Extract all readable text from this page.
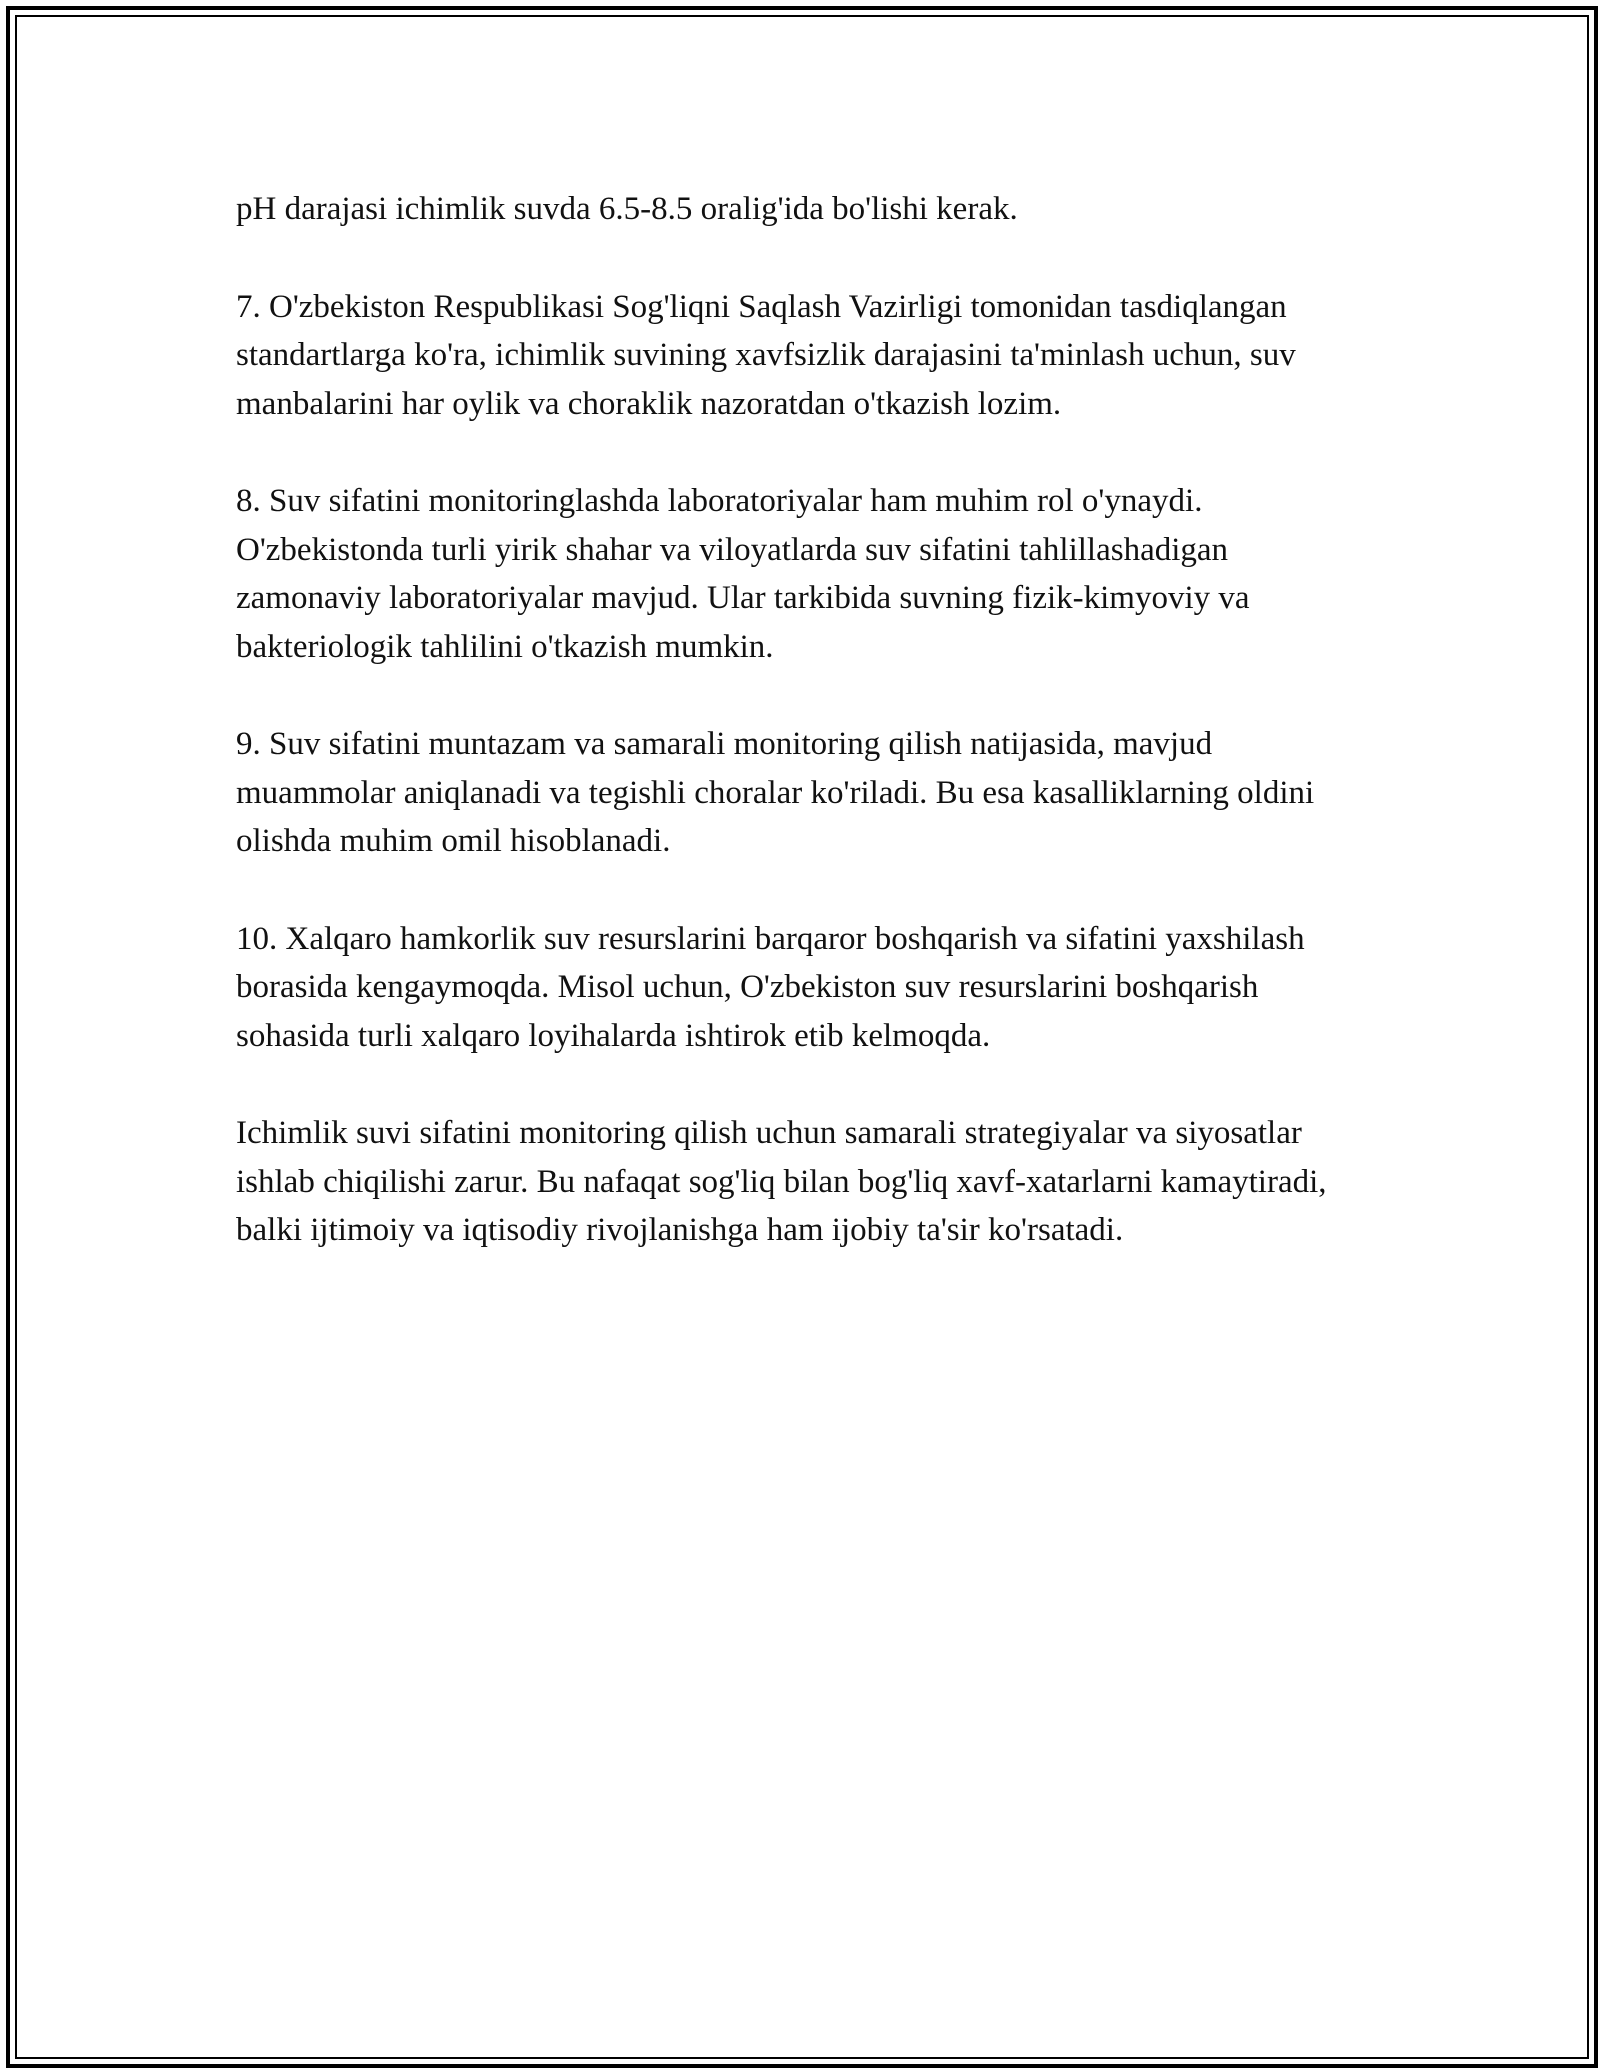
pH darajasi ichimlik suvda 6.5-8.5 oralig'ida bo'lishi kerak.

7. O'zbekiston Respublikasi Sog'liqni Saqlash Vazirligi tomonidan tasdiqlangan standartlarga ko'ra, ichimlik suvining xavfsizlik darajasini ta'minlash uchun, suv manbalarini har oylik va choraklik nazoratdan o'tkazish lozim.

8. Suv sifatini monitoringlashda laboratoriyalar ham muhim rol o'ynaydi. O'zbekistonda turli yirik shahar va viloyatlarda suv sifatini tahlillashadigan zamonaviy laboratoriyalar mavjud. Ular tarkibida suvning fizik-kimyoviy va bakteriologik tahlilini o'tkazish mumkin.

9. Suv sifatini muntazam va samarali monitoring qilish natijasida, mavjud muammolar aniqlanadi va tegishli choralar ko'riladi. Bu esa kasalliklarning oldini olishda muhim omil hisoblanadi.

10. Xalqaro hamkorlik suv resurslarini barqaror boshqarish va sifatini yaxshilash borasida kengaymoqda. Misol uchun, O'zbekiston suv resurslarini boshqarish sohasida turli xalqaro loyihalarda ishtirok etib kelmoqda.

Ichimlik suvi sifatini monitoring qilish uchun samarali strategiyalar va siyosatlar ishlab chiqilishi zarur. Bu nafaqat sog'liq bilan bog'liq xavf-xatarlarni kamaytiradi, balki ijtimoiy va iqtisodiy rivojlanishga ham ijobiy ta'sir ko'rsatadi.
